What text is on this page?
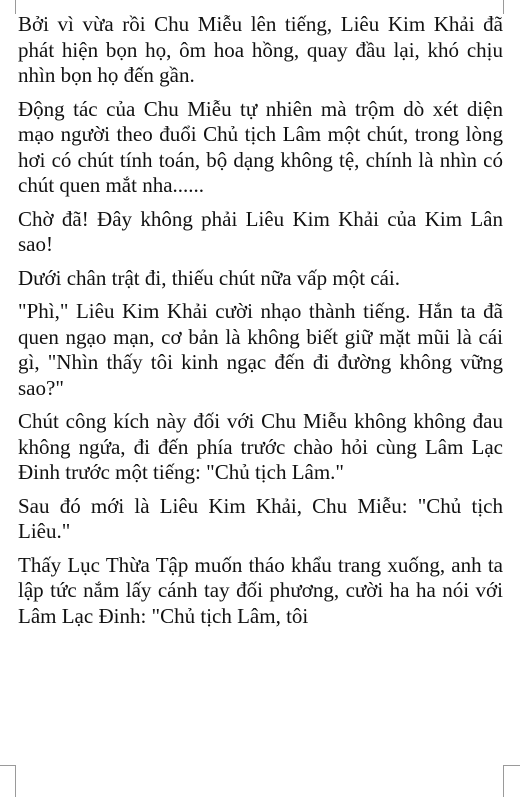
Bởi vì vừa rồi Chu Miễu lên tiếng, Liêu Kim Khải đã phát hiện bọn họ, ôm hoa hồng, quay đầu lại, khó chịu nhìn bọn họ đến gần.

Động tác của Chu Miễu tự nhiên mà trộm dò xét diện mạo người theo đuổi Chủ tịch Lâm một chút, trong lòng hơi có chút tính toán, bộ dạng không tệ, chính là nhìn có chút quen mắt nha......

Chờ đã! Đây không phải Liêu Kim Khải của Kim Lân sao!

Dưới chân trật đi, thiếu chút nữa vấp một cái.

"Phì," Liêu Kim Khải cười nhạo thành tiếng. Hắn ta đã quen ngạo mạn, cơ bản là không biết giữ mặt mũi là cái gì, "Nhìn thấy tôi kinh ngạc đến đi đường không vững sao?"

Chút công kích này đối với Chu Miễu không không đau không ngứa, đi đến phía trước chào hỏi cùng Lâm Lạc Đinh trước một tiếng: "Chủ tịch Lâm."

Sau đó mới là Liêu Kim Khải, Chu Miễu: "Chủ tịch Liêu."

Thấy Lục Thừa Tập muốn tháo khẩu trang xuống, anh ta lập tức nắm lấy cánh tay đối phương, cười ha ha nói với Lâm Lạc Đinh: "Chủ tịch Lâm, tôi
